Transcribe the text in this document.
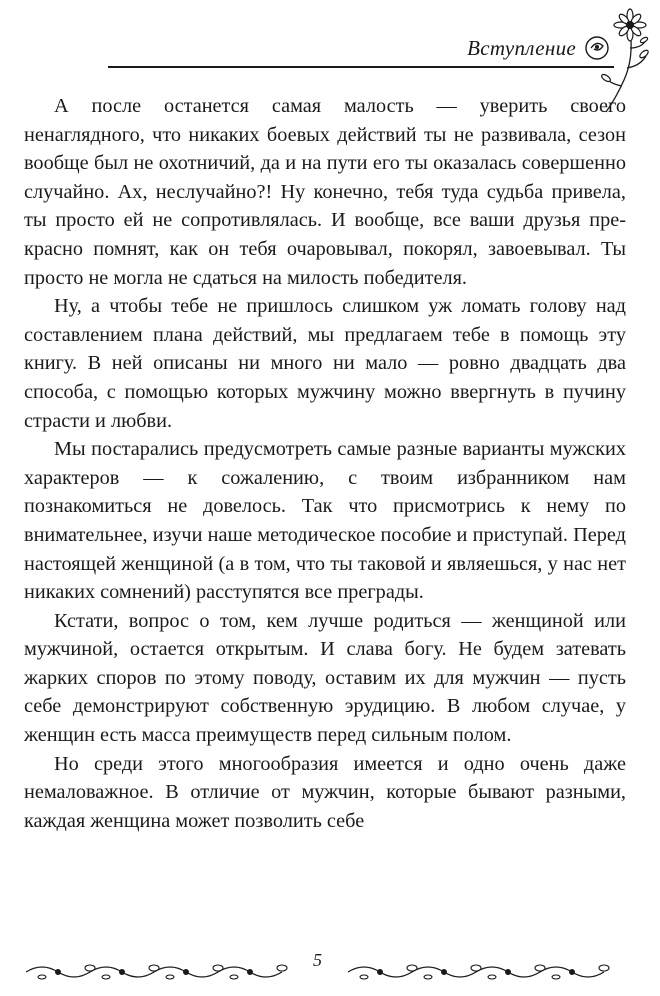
Вступление

А после останется самая малость — уверить своего ненаглядного, что никаких боевых действий ты не развивала, сезон вообще был не охотничий, да и на пути его ты оказалась совершенно случайно. Ах, неслучайно?! Ну конечно, тебя туда судьба привела, ты просто ей не сопротивлялась. И вообще, все ваши друзья прекрасно помнят, как он тебя очаровывал, покорял, завоевывал. Ты просто не могла не сдаться на милость победителя.

Ну, а чтобы тебе не пришлось слишком уж ломать голову над составлением плана действий, мы предлагаем тебе в помощь эту книгу. В ней описаны ни много ни мало — ровно двадцать два способа, с помощью которых мужчину можно ввергнуть в пучину страсти и любви.

Мы постарались предусмотреть самые разные варианты мужских характеров — к сожалению, с твоим избранником нам познакомиться не довелось. Так что присмотрись к нему по внимательнее, изучи наше методическое пособие и приступай. Перед настоящей женщиной (а в том, что ты таковой и являешься, у нас нет никаких сомнений) расступятся все преграды.

Кстати, вопрос о том, кем лучше родиться — женщиной или мужчиной, остается открытым. И слава богу. Не будем затевать жарких споров по этому поводу, оставим их для мужчин — пусть себе демонстрируют собственную эрудицию. В любом случае, у женщин есть масса преимуществ перед сильным полом.

Но среди этого многообразия имеется и одно очень даже немаловажное. В отличие от мужчин, которые бывают разными, каждая женщина может позволить себе

5
